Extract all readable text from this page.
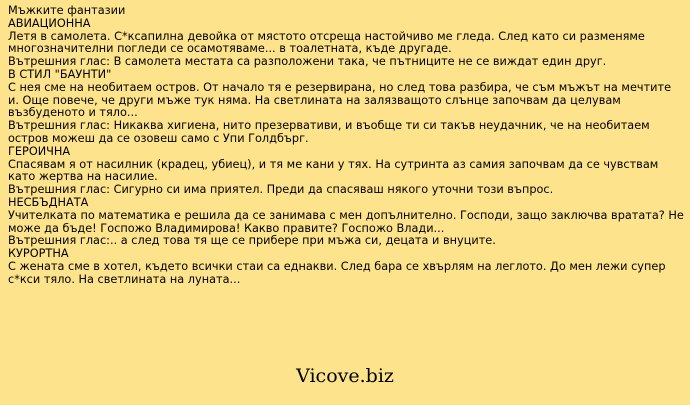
Мъжките фантазии
АВИАЦИОННА
Летя в самолета. С*ксапилна девойка от мястото отсреща настойчиво ме гледа. След като си разменяме многозначителни погледи се осамотяваме... в тоалетната, къде другаде.
Вътрешния глас: В самолета местата са разположени така, че пътниците не се виждат един друг.
В СТИЛ "БАУНТИ"
С нея сме на необитаем остров. От начало тя е резервирана, но след това разбира, че съм мъжът на мечтите и. Още повече, че други мъже тук няма. На светлината на залязващото слънце започвам да целувам възбуденото и тяло...
Вътрешния глас: Никаква хигиена, нито презервативи, и въобще ти си такъв неудачник, че на необитаем остров можеш да се озовеш само с Упи Голдбърг.
ГЕРОИЧНА
Спасявам я от насилник (крадец, убиец), и тя ме кани у тях. На сутринта аз самия започвам да се чувствам като жертва на насилие.
Вътрешния глас: Сигурно си има приятел. Преди да спасяваш някого уточни този въпрос.
НЕСБЪДНАТА
Учителката по математика е решила да се занимава с мен допълнително. Господи, защо заключва вратата? Не може да бъде! Госпожо Владимирова! Какво правите? Госпожо Влади...
Вътрешния глас:.. а след това тя ще се прибере при мъжа си, децата и внуците.
КУРОРТНА
С жената сме в хотел, където всички стаи са еднакви. След бара се хвърлям на леглото. До мен лежи супер с*кси тяло. На светлината на луната...
Vicove.biz
